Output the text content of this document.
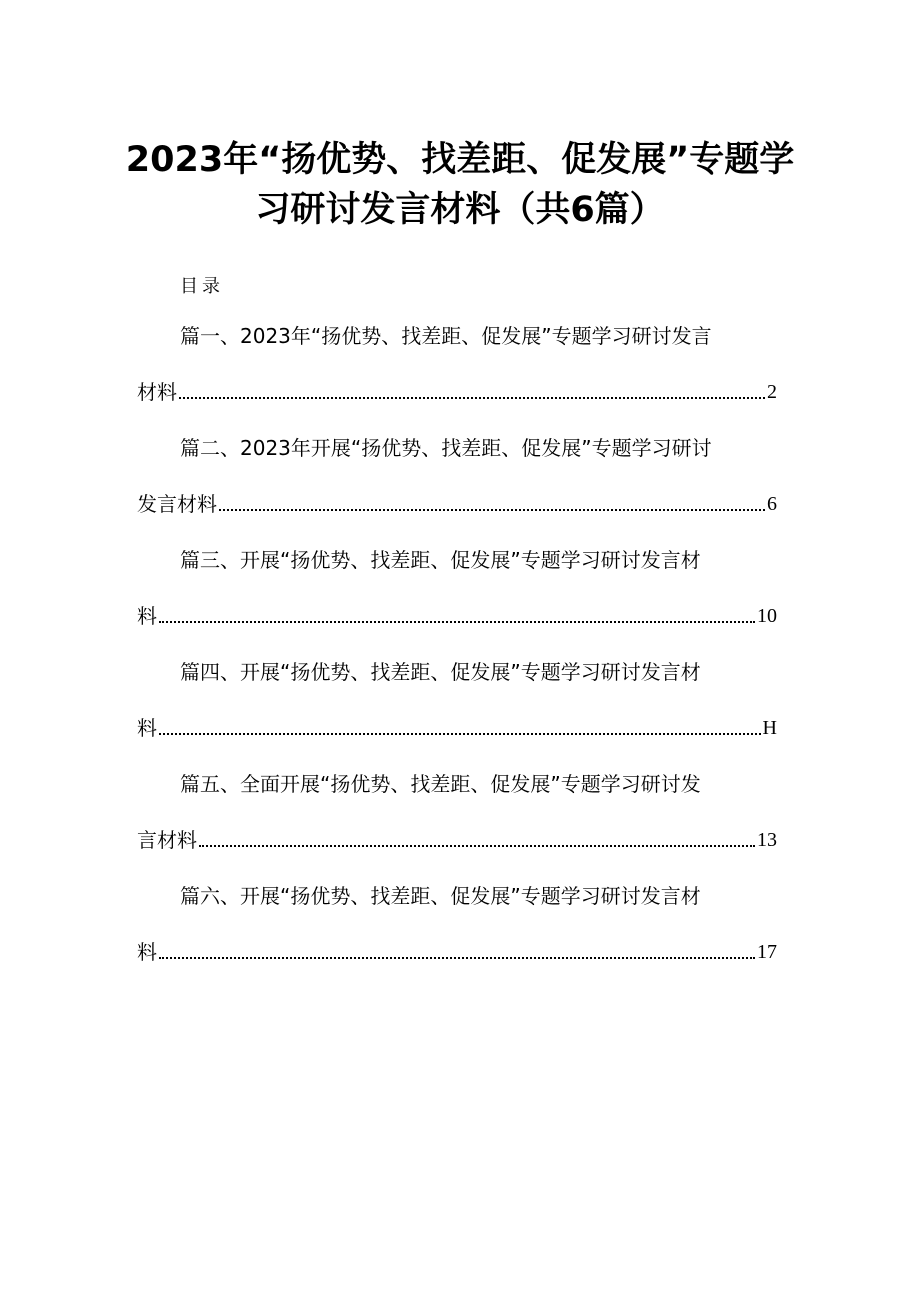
2023年“扬优势、找差距、促发展”专题学
习研讨发言材料（共6篇）
目录
篇一、2023年“扬优势、找差距、促发展”专题学习研讨发言
材料	2
篇二、2023年开展“扬优势、找差距、促发展”专题学习研讨
发言材料	6
篇三、开展“扬优势、找差距、促发展”专题学习研讨发言材
料	10
篇四、开展“扬优势、找差距、促发展”专题学习研讨发言材
料	H
篇五、全面开展“扬优势、找差距、促发展”专题学习研讨发
言材料	13
篇六、开展“扬优势、找差距、促发展”专题学习研讨发言材
料	17
